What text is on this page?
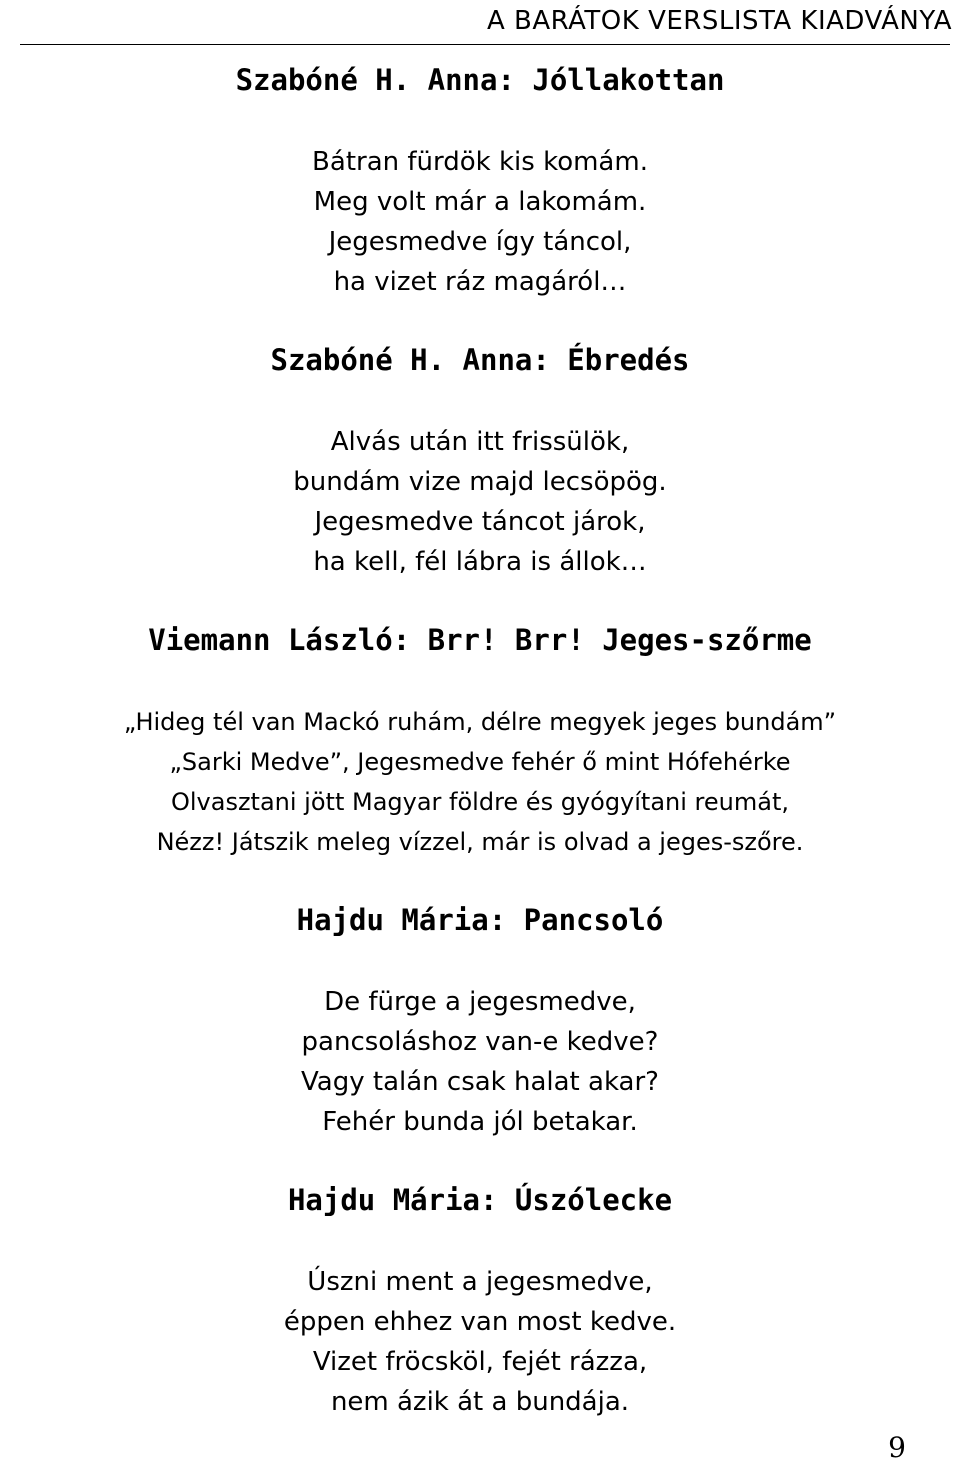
A BARÁTOK VERSLISTA KIADVÁNYA
Szabóné H. Anna: Jóllakottan
Bátran fürdök kis komám.
Meg volt már a lakomám.
Jegesmedve így táncol,
ha vizet ráz magáról…
Szabóné H. Anna: Ébredés
Alvás után itt frissülök,
bundám vize majd lecsöpög.
Jegesmedve táncot járok,
ha kell, fél lábra is állok…
Viemann László: Brr! Brr! Jeges-szőrme
„Hideg tél van Mackó ruhám, délre megyek jeges bundám”
„Sarki Medve”, Jegesmedve fehér ő mint Hófehérke
Olvasztani jött Magyar földre és gyógyítani reumát,
Nézz! Játszik meleg vízzel, már is olvad a jeges-szőre.
Hajdu Mária: Pancsoló
De fürge a jegesmedve,
pancsoláshoz van-e kedve?
Vagy talán csak halat akar?
Fehér bunda jól betakar.
Hajdu Mária: Úszólecke
Úszni ment a jegesmedve,
éppen ehhez van most kedve.
Vizet fröcsköl, fejét rázza,
nem ázik át a bundája.
9
